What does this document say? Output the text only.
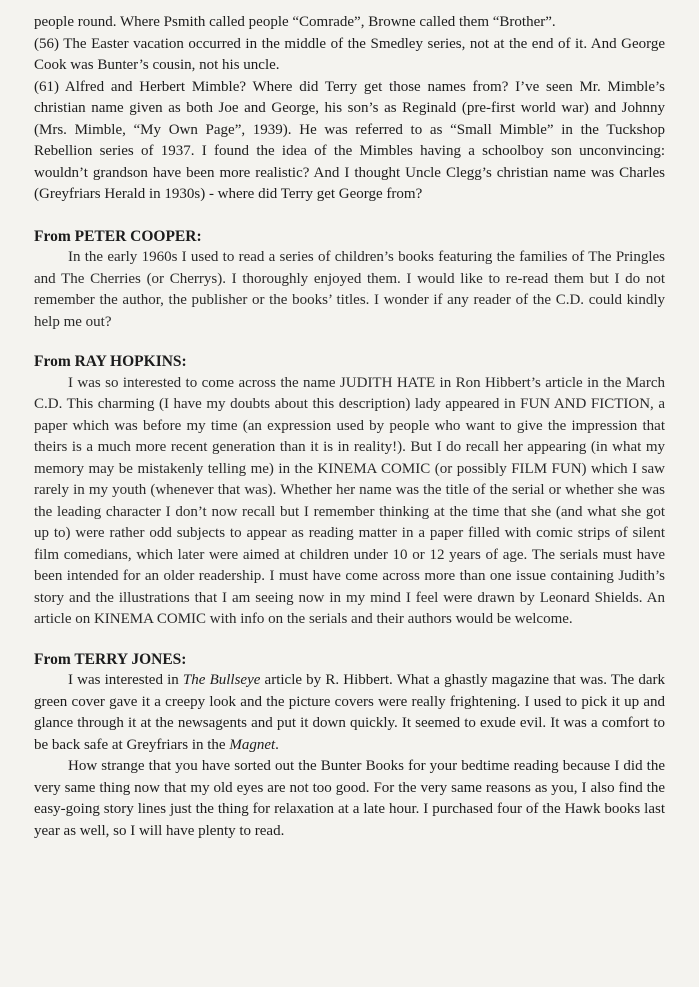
people round. Where Psmith called people “Comrade”, Browne called them “Brother”.

(56) The Easter vacation occurred in the middle of the Smedley series, not at the end of it. And George Cook was Bunter’s cousin, not his uncle.

(61) Alfred and Herbert Mimble? Where did Terry get those names from? I’ve seen Mr. Mimble’s christian name given as both Joe and George, his son’s as Reginald (pre-first world war) and Johnny (Mrs. Mimble, “My Own Page”, 1939). He was referred to as “Small Mimble” in the Tuckshop Rebellion series of 1937. I found the idea of the Mimbles having a schoolboy son unconvincing: wouldn’t grandson have been more realistic? And I thought Uncle Clegg’s christian name was Charles (Greyfriars Herald in 1930s) - where did Terry get George from?

From PETER COOPER:

In the early 1960s I used to read a series of children’s books featuring the families of The Pringles and The Cherries (or Cherrys). I thoroughly enjoyed them. I would like to re-read them but I do not remember the author, the publisher or the books’ titles. I wonder if any reader of the C.D. could kindly help me out?

From RAY HOPKINS:

I was so interested to come across the name JUDITH HATE in Ron Hibbert’s article in the March C.D. This charming (I have my doubts about this description) lady appeared in FUN AND FICTION, a paper which was before my time (an expression used by people who want to give the impression that theirs is a much more recent generation than it is in reality!). But I do recall her appearing (in what my memory may be mistakenly telling me) in the KINEMA COMIC (or possibly FILM FUN) which I saw rarely in my youth (whenever that was). Whether her name was the title of the serial or whether she was the leading character I don’t now recall but I remember thinking at the time that she (and what she got up to) were rather odd subjects to appear as reading matter in a paper filled with comic strips of silent film comedians, which later were aimed at children under 10 or 12 years of age. The serials must have been intended for an older readership. I must have come across more than one issue containing Judith’s story and the illustrations that I am seeing now in my mind I feel were drawn by Leonard Shields. An article on KINEMA COMIC with info on the serials and their authors would be welcome.

From TERRY JONES:

I was interested in The Bullseye article by R. Hibbert. What a ghastly magazine that was. The dark green cover gave it a creepy look and the picture covers were really frightening. I used to pick it up and glance through it at the newsagents and put it down quickly. It seemed to exude evil. It was a comfort to be back safe at Greyfriars in the Magnet.

How strange that you have sorted out the Bunter Books for your bedtime reading because I did the very same thing now that my old eyes are not too good. For the very same reasons as you, I also find the easy-going story lines just the thing for relaxation at a late hour. I purchased four of the Hawk books last year as well, so I will have plenty to read.
